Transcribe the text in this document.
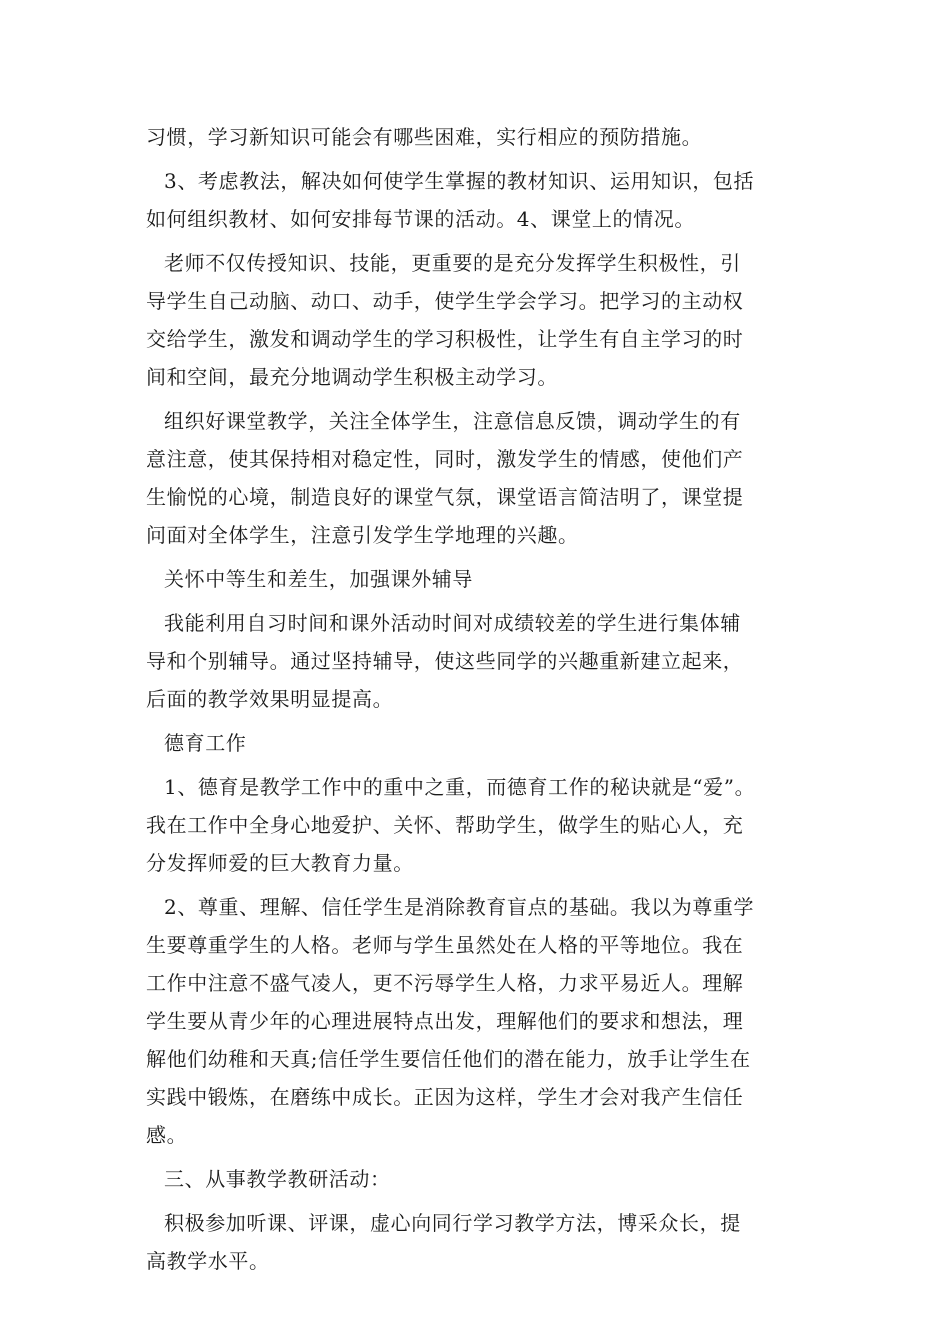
习惯，学习新知识可能会有哪些困难，实行相应的预防措施。

3、考虑教法，解决如何使学生掌握的教材知识、运用知识，包括
如何组织教材、如何安排每节课的活动。4、课堂上的情况。

老师不仅传授知识、技能，更重要的是充分发挥学生积极性，引
导学生自己动脑、动口、动手，使学生学会学习。把学习的主动权
交给学生，激发和调动学生的学习积极性，让学生有自主学习的时
间和空间，最充分地调动学生积极主动学习。

组织好课堂教学，关注全体学生，注意信息反馈，调动学生的有
意注意，使其保持相对稳定性，同时，激发学生的情感，使他们产
生愉悦的心境，制造良好的课堂气氛，课堂语言简洁明了，课堂提
问面对全体学生，注意引发学生学地理的兴趣。

关怀中等生和差生，加强课外辅导

我能利用自习时间和课外活动时间对成绩较差的学生进行集体辅
导和个别辅导。通过坚持辅导，使这些同学的兴趣重新建立起来，
后面的教学效果明显提高。

德育工作

1、德育是教学工作中的重中之重，而德育工作的秘诀就是“爱”。
我在工作中全身心地爱护、关怀、帮助学生，做学生的贴心人，充
分发挥师爱的巨大教育力量。

2、尊重、理解、信任学生是消除教育盲点的基础。我以为尊重学
生要尊重学生的人格。老师与学生虽然处在人格的平等地位。我在
工作中注意不盛气凌人，更不污辱学生人格，力求平易近人。理解
学生要从青少年的心理进展特点出发，理解他们的要求和想法，理
解他们幼稚和天真;信任学生要信任他们的潜在能力，放手让学生在
实践中锻炼，在磨练中成长。正因为这样，学生才会对我产生信任
感。

三、从事教学教研活动：

积极参加听课、评课，虚心向同行学习教学方法，博采众长，提
高教学水平。
